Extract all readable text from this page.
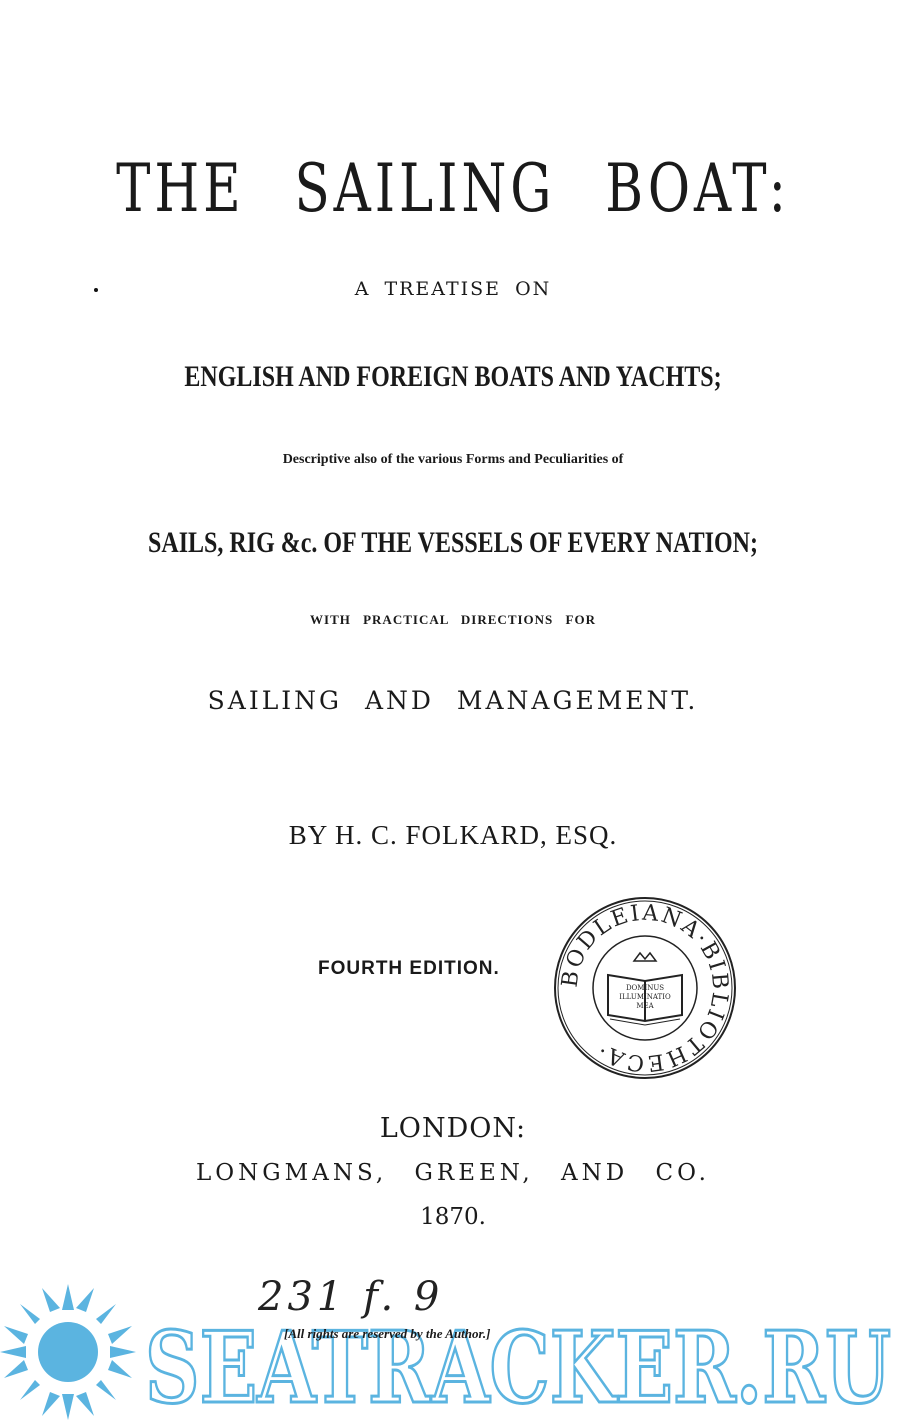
THE SAILING BOAT:

A TREATISE ON

ENGLISH AND FOREIGN BOATS AND YACHTS;

Descriptive also of the various Forms and Peculiarities of

SAILS, RIG &c. OF THE VESSELS OF EVERY NATION;

WITH PRACTICAL DIRECTIONS FOR

SAILING AND MANAGEMENT.

BY H. C. FOLKARD, ESQ.

FOURTH EDITION.	BODLEIANA·BIBLIOTHECA·
DOMINUS ILLUMINATIO MEA

LONDON:

LONGMANS, GREEN, AND CO.

1870.

SEATRACKER.RU
231 f. 9
[All rights are reserved by the Author.]
